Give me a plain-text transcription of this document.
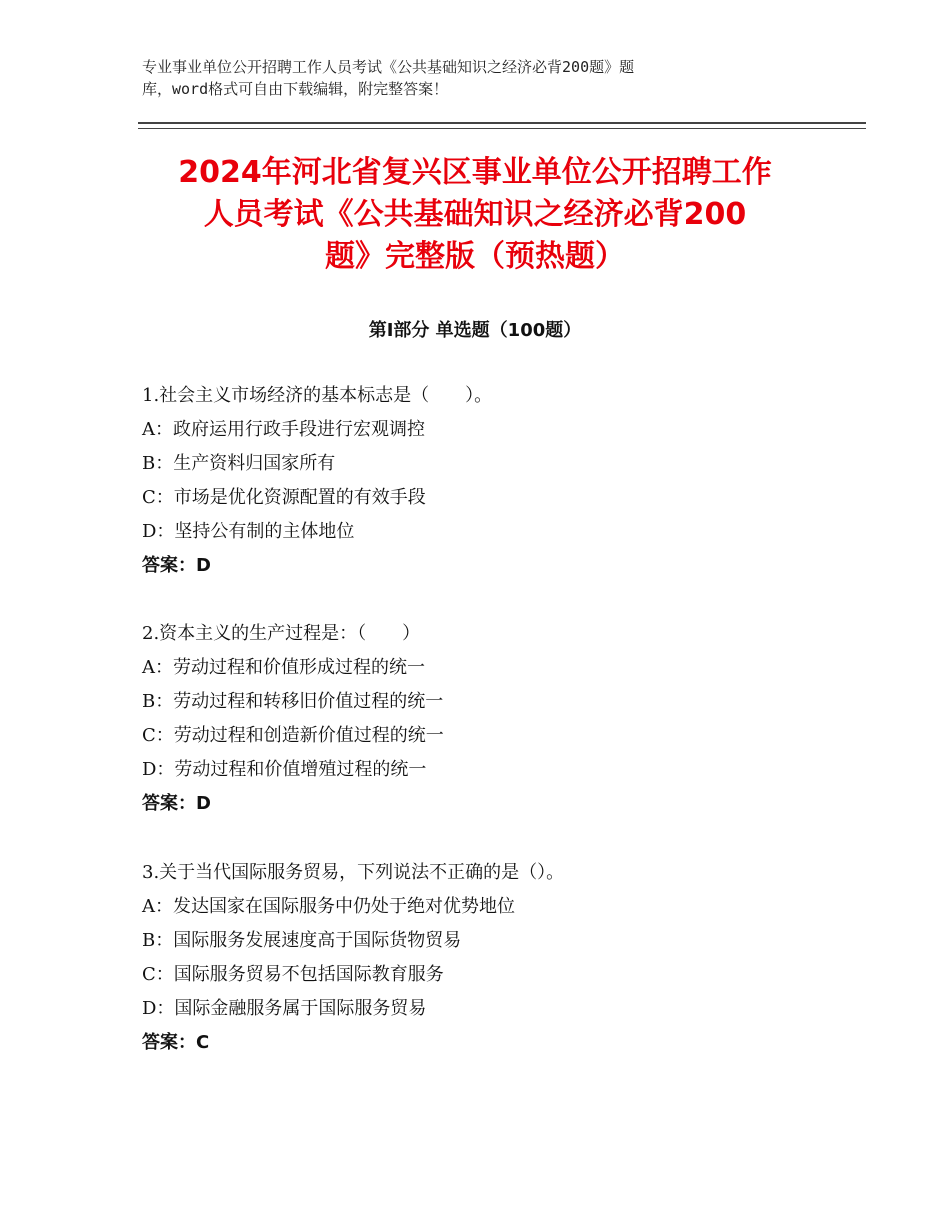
专业事业单位公开招聘工作人员考试《公共基础知识之经济必背200题》题
库，word格式可自由下载编辑，附完整答案！
2024年河北省复兴区事业单位公开招聘工作
人员考试《公共基础知识之经济必背200
题》完整版（预热题）
第Ⅰ部分 单选题（100题）
1.社会主义市场经济的基本标志是（　　）。
A：政府运用行政手段进行宏观调控
B：生产资料归国家所有
C：市场是优化资源配置的有效手段
D：坚持公有制的主体地位
答案：D
2.资本主义的生产过程是：（　　）
A：劳动过程和价值形成过程的统一
B：劳动过程和转移旧价值过程的统一
C：劳动过程和创造新价值过程的统一
D：劳动过程和价值增殖过程的统一
答案：D
3.关于当代国际服务贸易，下列说法不正确的是（）。
A：发达国家在国际服务中仍处于绝对优势地位
B：国际服务发展速度高于国际货物贸易
C：国际服务贸易不包括国际教育服务
D：国际金融服务属于国际服务贸易
答案：C
